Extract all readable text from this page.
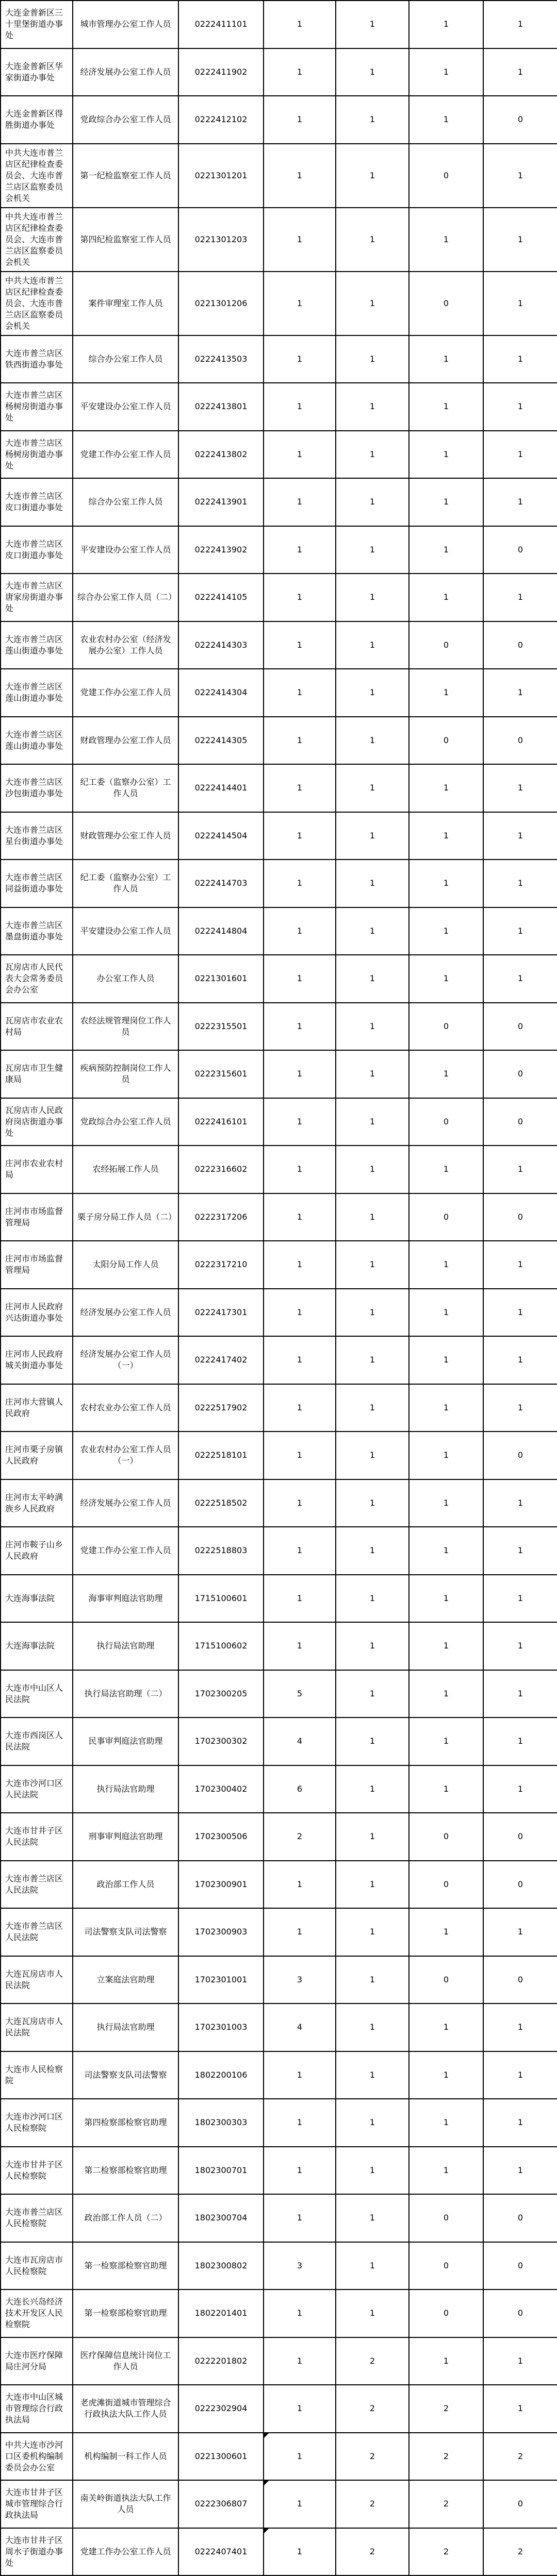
大连金普新区三十里堡街道办事处	城市管理办公室工作人员	0222411101	1	1	1	1
大连金普新区华家街道办事处	经济发展办公室工作人员	0222411902	1	1	1	1
大连金普新区得胜街道办事处	党政综合办公室工作人员	0222412102	1	1	1	0
中共大连市普兰店区纪律检查委员会、大连市普兰店区监察委员会机关	第一纪检监察室工作人员	0221301201	1	1	0	1
中共大连市普兰店区纪律检查委员会、大连市普兰店区监察委员会机关	第四纪检监察室工作人员	0221301203	1	1	1	1
中共大连市普兰店区纪律检查委员会、大连市普兰店区监察委员会机关	案件审理室工作人员	0221301206	1	1	0	1
大连市普兰店区铁西街道办事处	综合办公室工作人员	0222413503	1	1	1	1
大连市普兰店区杨树房街道办事处	平安建设办公室工作人员	0222413801	1	1	1	1
大连市普兰店区杨树房街道办事处	党建工作办公室工作人员	0222413802	1	1	1	1
大连市普兰店区皮口街道办事处	综合办公室工作人员	0222413901	1	1	1	1
大连市普兰店区皮口街道办事处	平安建设办公室工作人员	0222413902	1	1	1	0
大连市普兰店区唐家房街道办事处	综合办公室工作人员（二）	0222414105	1	1	1	1
大连市普兰店区莲山街道办事处	农业农村办公室（经济发展办公室）工作人员	0222414303	1	1	0	0
大连市普兰店区莲山街道办事处	党建工作办公室工作人员	0222414304	1	1	1	1
大连市普兰店区莲山街道办事处	财政管理办公室工作人员	0222414305	1	1	0	0
大连市普兰店区沙包街道办事处	纪工委（监察办公室）工作人员	0222414401	1	1	1	1
大连市普兰店区星台街道办事处	财政管理办公室工作人员	0222414504	1	1	1	1
大连市普兰店区同益街道办事处	纪工委（监察办公室）工作人员	0222414703	1	1	1	1
大连市普兰店区墨盘街道办事处	平安建设办公室工作人员	0222414804	1	1	1	1
瓦房店市人民代表大会常务委员会办公室	办公室工作人员	0221301601	1	1	1	1
瓦房店市农业农村局	农经法规管理岗位工作人员	0222315501	1	1	0	0
瓦房店市卫生健康局	疾病预防控制岗位工作人员	0222315601	1	1	1	0
瓦房店市人民政府岗店街道办事处	党政综合办公室工作人员	0222416101	1	1	0	0
庄河市农业农村局	农经拓展工作人员	0222316602	1	1	1	1
庄河市市场监督管理局	栗子房分局工作人员（二）	0222317206	1	1	0	0
庄河市市场监督管理局	太阳分局工作人员	0222317210	1	1	1	1
庄河市人民政府兴达街道办事处	经济发展办公室工作人员	0222417301	1	1	1	1
庄河市人民政府城关街道办事处	经济发展办公室工作人员（一）	0222417402	1	1	1	1
庄河市大营镇人民政府	农村农业办公室工作人员	0222517902	1	1	1	1
庄河市栗子房镇人民政府	农业农村办公室工作人员（一）	0222518101	1	1	1	0
庄河市太平岭满族乡人民政府	经济发展办公室工作人员	0222518502	1	1	1	1
庄河市鞍子山乡人民政府	党建工作办公室工作人员	0222518803	1	1	1	1
大连海事法院	海事审判庭法官助理	1715100601	1	1	1	1
大连海事法院	执行局法官助理	1715100602	1	1	1	1
大连市中山区人民法院	执行局法官助理（二）	1702300205	5	1	1	1
大连市西岗区人民法院	民事审判庭法官助理	1702300302	4	1	1	1
大连市沙河口区人民法院	执行局法官助理	1702300402	6	1	1	1
大连市甘井子区人民法院	刑事审判庭法官助理	1702300506	2	1	0	0
大连市普兰店区人民法院	政治部工作人员	1702300901	1	1	0	0
大连市普兰店区人民法院	司法警察支队司法警察	1702300903	1	1	1	1
大连瓦房店市人民法院	立案庭法官助理	1702301001	3	1	0	0
大连瓦房店市人民法院	执行局法官助理	1702301003	4	1	1	1
大连市人民检察院	司法警察支队司法警察	1802200106	1	1	1	1
大连市沙河口区人民检察院	第四检察部检察官助理	1802300303	1	1	1	1
大连市甘井子区人民检察院	第二检察部检察官助理	1802300701	1	1	1	1
大连市普兰店区人民检察院	政治部工作人员（二）	1802300704	1	1	0	0
大连市瓦房店市人民检察院	第一检察部检察官助理	1802300802	3	1	0	0
大连长兴岛经济技术开发区人民检察院	第一检察部检察官助理	1802201401	1	1	0	0
大连市医疗保障局庄河分局	医疗保障信息统计岗位工作人员	0222201802	1	2	1	1
大连市中山区城市管理综合行政执法局	老虎滩街道城市管理综合行政执法大队工作人员	0222302904	1	2	2	1
中共大连市沙河口区委机构编制委员会办公室	机构编制一科工作人员	0221300601	1	2	2	2
大连市甘井子区城市管理综合行政执法局	南关岭街道执法大队工作人员	0222306807	1	2	2	0
大连市甘井子区周水子街道办事处	党建工作办公室工作人员	0222407401	1	2	2	2
